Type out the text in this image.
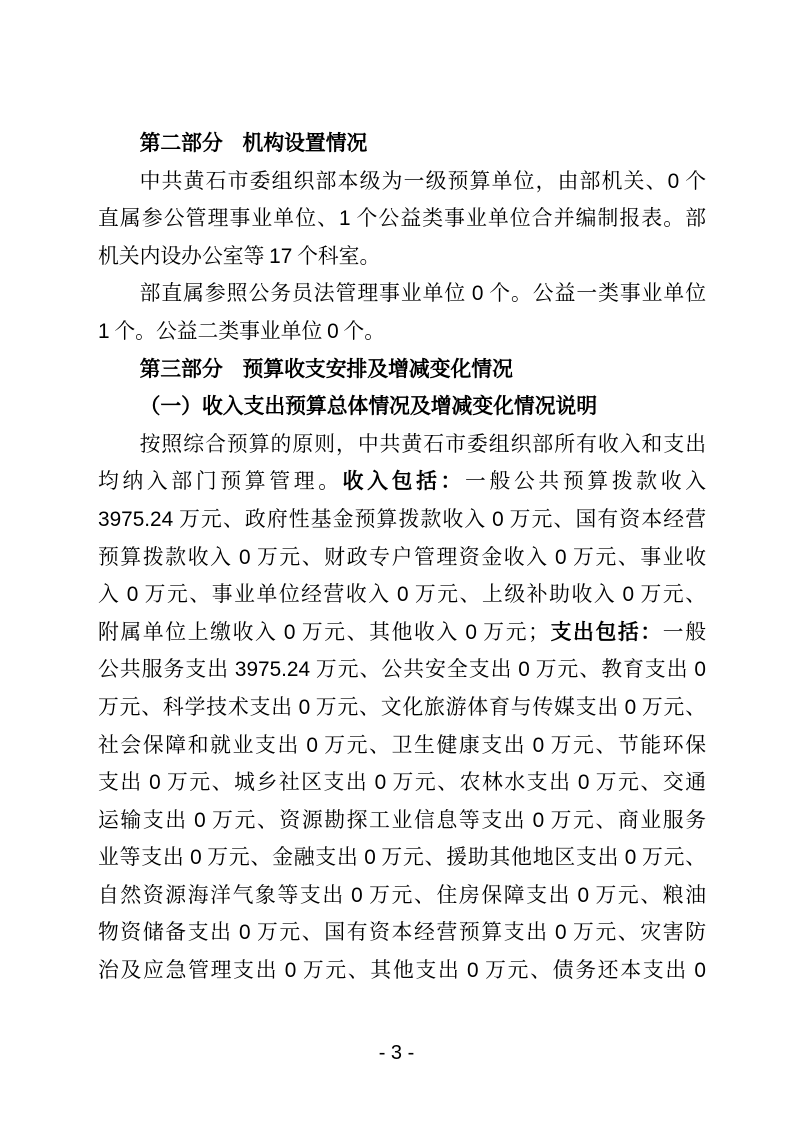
第二部分 机构设置情况
中共黄石市委组织部本级为一级预算单位，由部机关、0 个
直属参公管理事业单位、1 个公益类事业单位合并编制报表。部
机关内设办公室等 17 个科室。
部直属参照公务员法管理事业单位 0 个。公益一类事业单位
1 个。公益二类事业单位 0 个。
第三部分 预算收支安排及增减变化情况
（一）收入支出预算总体情况及增减变化情况说明
按照综合预算的原则，中共黄石市委组织部所有收入和支出
均纳入部门预算管理。收入包括：一般公共预算拨款收入
3975.24 万元、政府性基金预算拨款收入 0 万元、国有资本经营
预算拨款收入 0 万元、财政专户管理资金收入 0 万元、事业收
入 0 万元、事业单位经营收入 0 万元、上级补助收入 0 万元、
附属单位上缴收入 0 万元、其他收入 0 万元；支出包括：一般
公共服务支出 3975.24 万元、公共安全支出 0 万元、教育支出 0
万元、科学技术支出 0 万元、文化旅游体育与传媒支出 0 万元、
社会保障和就业支出 0 万元、卫生健康支出 0 万元、节能环保
支出 0 万元、城乡社区支出 0 万元、农林水支出 0 万元、交通
运输支出 0 万元、资源勘探工业信息等支出 0 万元、商业服务
业等支出 0 万元、金融支出 0 万元、援助其他地区支出 0 万元、
自然资源海洋气象等支出 0 万元、住房保障支出 0 万元、粮油
物资储备支出 0 万元、国有资本经营预算支出 0 万元、灾害防
治及应急管理支出 0 万元、其他支出 0 万元、债务还本支出 0
- 3 -
